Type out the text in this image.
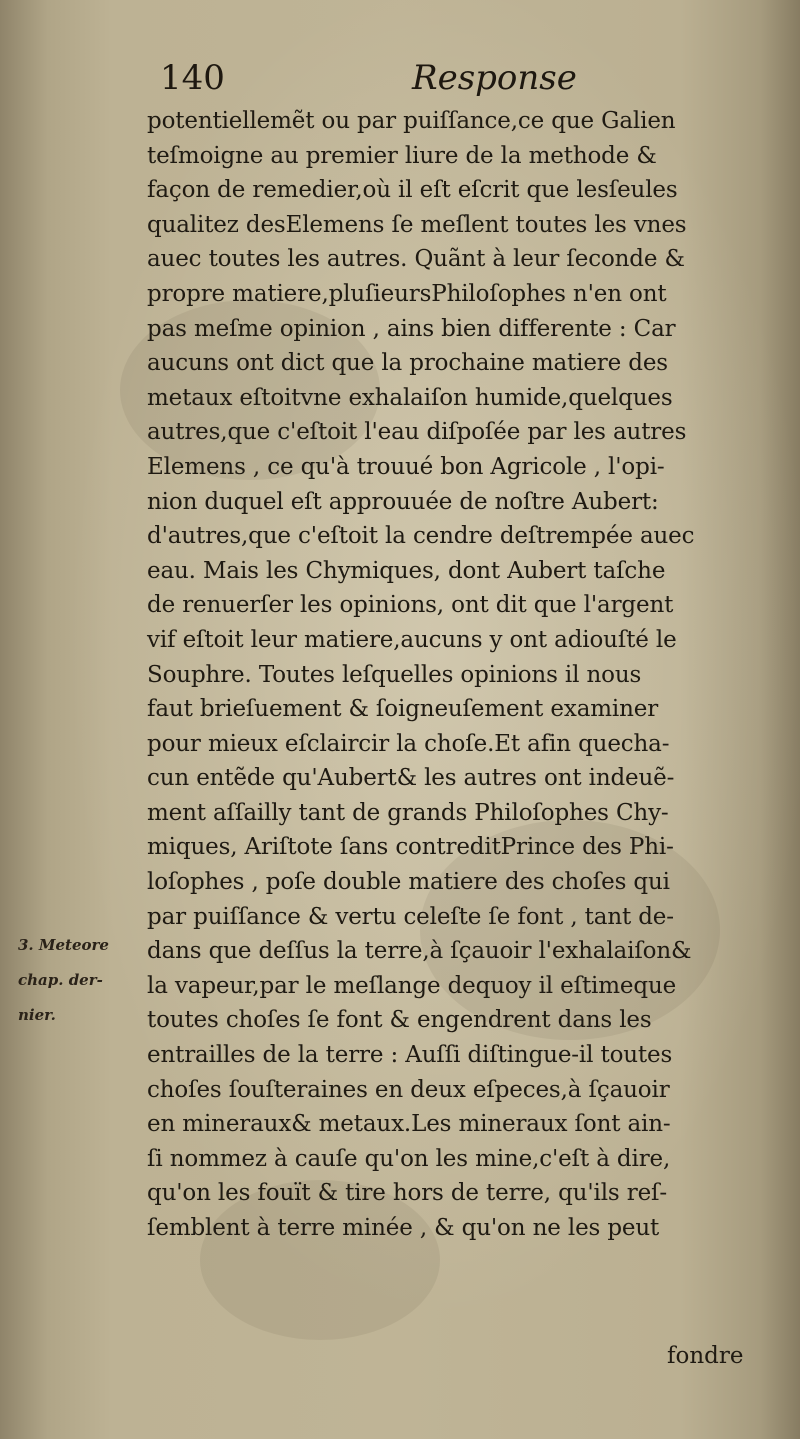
140	Response
3. Meteore
chap. der-
nier.
potentiellemẽt ou par puiſſance,ce que Galien
teſmoigne au premier liure de la methode &
façon de remedier,où il eſt eſcrit que lesſeules
qualitez desElemens ſe meſlent toutes les vnes
auec toutes les autres. Quãnt à leur ſeconde &
propre matiere,pluſieursPhiloſophes n'en ont
pas meſme opinion , ains bien differente : Car
aucuns ont dict que la prochaine matiere des
metaux eſtoitvne exhalaiſon humide,quelques
autres,que c'eſtoit l'eau diſpoſée par les autres
Elemens , ce qu'à trouué bon Agricole , l'opi-
nion duquel eſt approuuée de noſtre Aubert:
d'autres,que c'eſtoit la cendre deſtrempée auec
eau. Mais les Chymiques, dont Aubert taſche
de renuerſer les opinions, ont dit que l'argent
vif eſtoit leur matiere,aucuns y ont adiouſté le
Souphre. Toutes leſquelles opinions il nous
faut brieſuement & ſoigneuſement examiner
pour mieux eſclaircir la choſe.Et afin quecha-
cun entẽde qu'Aubert& les autres ont indeuẽ-
ment aſſailly tant de grands Philoſophes Chy-
miques, Ariſtote ſans contreditPrince des Phi-
loſophes , poſe double matiere des choſes qui
par puiſſance & vertu celeſte ſe font , tant de-
dans que deſſus la terre,à ſçauoir l'exhalaiſon&
la vapeur,par le meſlange dequoy il eſtimeque
toutes choſes ſe font & engendrent dans les
entrailles de la terre : Auſſi diſtingue-il toutes
choſes ſouſteraines en deux eſpeces,à ſçauoir
en mineraux& metaux.Les mineraux ſont ain-
ſi nommez à cauſe qu'on les mine,c'eſt à dire,
qu'on les fouït & tire hors de terre, qu'ils reſ-
ſemblent à terre minée , & qu'on ne les peut
fondre
